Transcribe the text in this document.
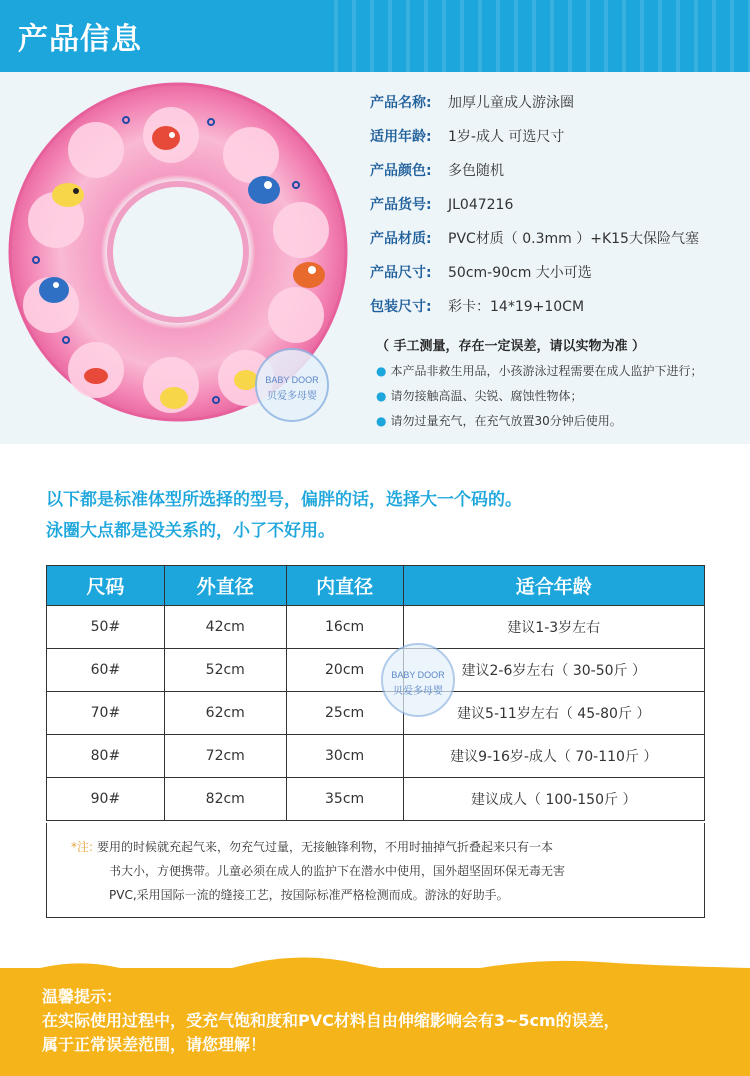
产品信息
产品名称: 加厚儿童成人游泳圈
适用年龄: 1岁-成人 可选尺寸
产品颜色: 多色随机
产品货号: JL047216
产品材质: PVC材质（ 0.3mm ）+K15大保险气塞
产品尺寸: 50cm-90cm 大小可选
包装尺寸: 彩卡：14*19+10CM
（ 手工测量，存在一定误差，请以实物为准 ）
● 本产品非救生用品，小孩游泳过程需要在成人监护下进行；
● 请勿接触高温、尖锐、腐蚀性物体；
● 请勿过量充气，在充气放置30分钟后使用。
BABY DOOR
贝爱多母婴
以下都是标准体型所选择的型号，偏胖的话，选择大一个码的。
泳圈大点都是没关系的，小了不好用。
尺码	外直径	内直径	适合年龄
50#	42cm	16cm	建议1-3岁左右
60#	52cm	20cm	建议2-6岁左右（ 30-50斤 ）
70#	62cm	25cm	建议5-11岁左右（ 45-80斤 ）
80#	72cm	30cm	建议9-16岁-成人（ 70-110斤 ）
90#	82cm	35cm	建议成人（ 100-150斤 ）
BABY DOOR
贝爱多母婴
*注: 要用的时候就充起气来，勿充气过量，无接触锋利物，不用时抽掉气折叠起来只有一本
书大小，方便携带。儿童必须在成人的监护下在潜水中使用，国外超坚固环保无毒无害
PVC,采用国际一流的缝接工艺，按国际标准严格检测而成。游泳的好助手。
温馨提示：
在实际使用过程中，受充气饱和度和PVC材料自由伸缩影响会有3~5cm的误差，
属于正常误差范围，请您理解！
